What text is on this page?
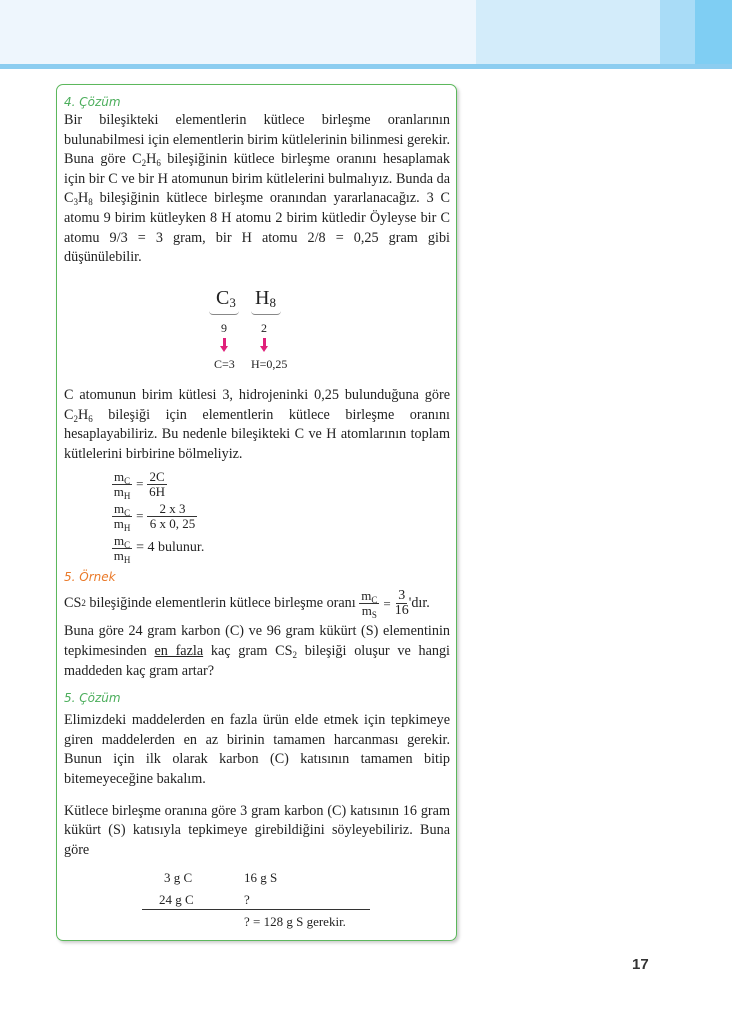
4. Çözüm
Bir bileşikteki elementlerin kütlece birleşme oranlarının bulunabilmesi için elementlerin birim kütlelerinin bilinmesi gerekir. Buna göre $C_2H_6$ bileşiğinin kütlece birleşme oranını hesaplamak için bir C ve bir H atomunun birim kütlelerini bulmalıyız. Bunda da $C_3H_8$ bileşiğinin kütlece birleşme oranından yararlanacağız. 3 C atomu 9 birim kütleyken 8 H atomu 2 birim kütledir Öyleyse bir C atomu 9/3 = 3 gram, bir H atomu 2/8 = 0,25 gram gibi düşünülebilir.
$C_3$ $H_8$
9	2
C=3 H=0,25
C atomunun birim kütlesi 3, hidrojeninki 0,25 bulunduğuna göre $C_2H_6$ bileşiği için elementlerin kütlece birleşme oranını hesaplayabiliriz. Bu nedenle bileşikteki C ve H atomlarının toplam kütlelerini birbirine bölmeliyiz.
$\frac{m_C}{m_H} = \frac{2C}{6H}$
$\frac{m_C}{m_H} = \frac{2 x 3}{6 x 0, 25}$
$\frac{m_C}{m_H} = 4$ bulunur.
5. Örnek
CS 2 bileşiğinde elementlerin kütlece birleşme oranı $\frac{m_C}{m_S} = \frac{3}{16}$ 'dır.
Buna göre 24 gram karbon (C) ve 96 gram kükürt (S) elementinin tepkimesinden en fazla kaç gram $CS_2$ bileşiği oluşur ve hangi maddeden kaç gram artar?
5. Çözüm
Elimizdeki maddelerden en fazla ürün elde etmek için tepkimeye giren maddelerden en az birinin tamamen harcanması gerekir. Bunun için ilk olarak karbon (C) katısının tamamen bitip bitemeyeceğine bakalım.
Kütlece birleşme oranına göre 3 gram karbon (C) katısının 16 gram kükürt (S) katısıyla tepkimeye girebildiğini söyleyebiliriz. Buna göre
3 g C	16 g S
24 g C	?
? = 128 g S gerekir.
17
